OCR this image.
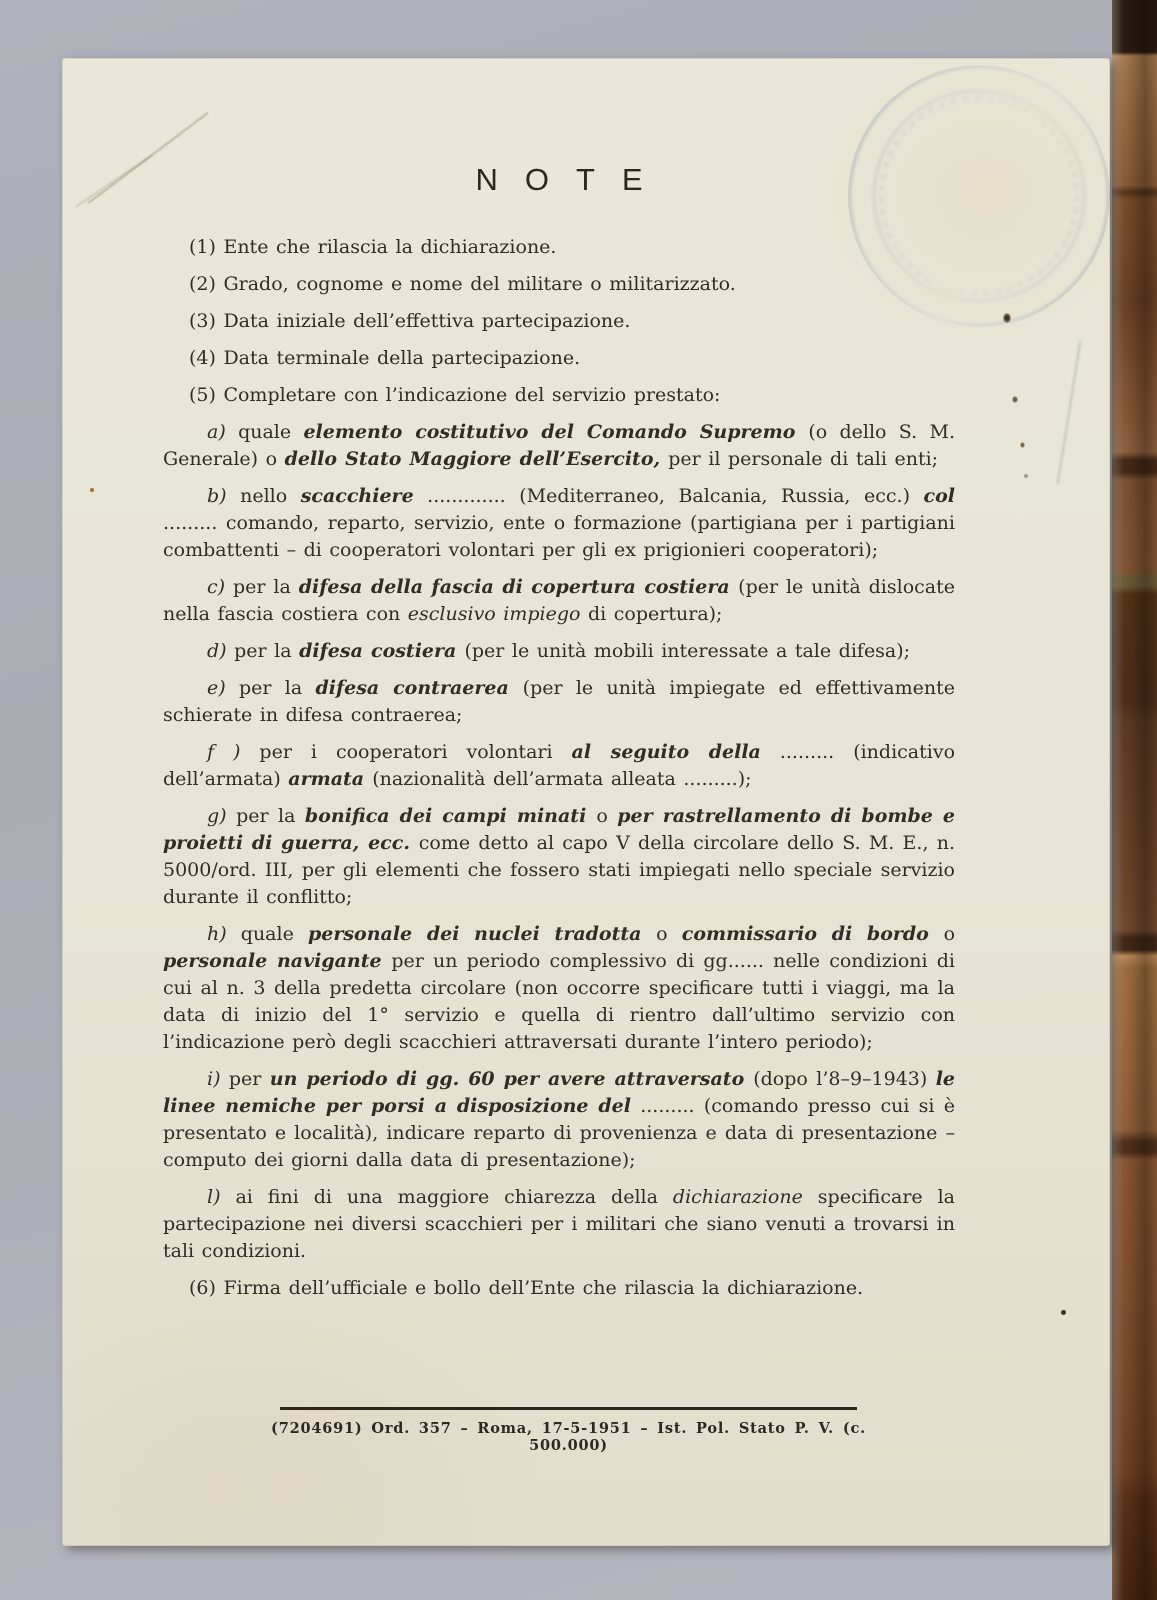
NOTE

(1) Ente che rilascia la dichiarazione.

(2) Grado, cognome e nome del militare o militarizzato.

(3) Data iniziale dell’effettiva partecipazione.

(4) Data terminale della partecipazione.

(5) Completare con l’indicazione del servizio prestato:

a) quale elemento costitutivo del Comando Supremo (o dello S. M. Generale) o dello Stato Maggiore dell’Esercito, per il personale di tali enti;

b) nello scacchiere ............. (Mediterraneo, Balcania, Russia, ecc.) col ......... comando, reparto, servizio, ente o formazione (partigiana per i partigiani combattenti – di cooperatori volontari per gli ex prigionieri cooperatori);

c) per la difesa della fascia di copertura costiera (per le unità dislocate nella fascia costiera con esclusivo impiego di copertura);

d) per la difesa costiera (per le unità mobili interessate a tale difesa);

e) per la difesa contraerea (per le unità impiegate ed effettivamente schierate in difesa contraerea;

f ) per i cooperatori volontari al seguito della ......... (indicativo dell’armata) armata (nazionalità dell’armata alleata .........);

g) per la bonifica dei campi minati o per rastrellamento di bombe e proietti di guerra, ecc. come detto al capo V della circolare dello S. M. E., n. 5000/ord. III, per gli elementi che fossero stati impiegati nello speciale servizio durante il conflitto;

h) quale personale dei nuclei tradotta o commissario di bordo o personale navigante per un periodo complessivo di gg...... nelle condizioni di cui al n. 3 della predetta circolare (non occorre specificare tutti i viaggi, ma la data di inizio del 1° servizio e quella di rientro dall’ultimo servizio con l’indicazione però degli scacchieri attraversati durante l’intero periodo);

i) per un periodo di gg. 60 per avere attraversato (dopo l’8–9–1943) le linee nemiche per porsi a disposizione del ......... (comando presso cui si è presentato e località), indicare reparto di provenienza e data di presentazione – computo dei giorni dalla data di presentazione);

l) ai fini di una maggiore chiarezza della dichiarazione specificare la partecipazione nei diversi scacchieri per i militari che siano venuti a trovarsi in tali condizioni.

(6) Firma dell’ufficiale e bollo dell’Ente che rilascia la dichiarazione.

(7204691) Ord. 357 – Roma, 17-5-1951 – Ist. Pol. Stato P. V. (c. 500.000)
